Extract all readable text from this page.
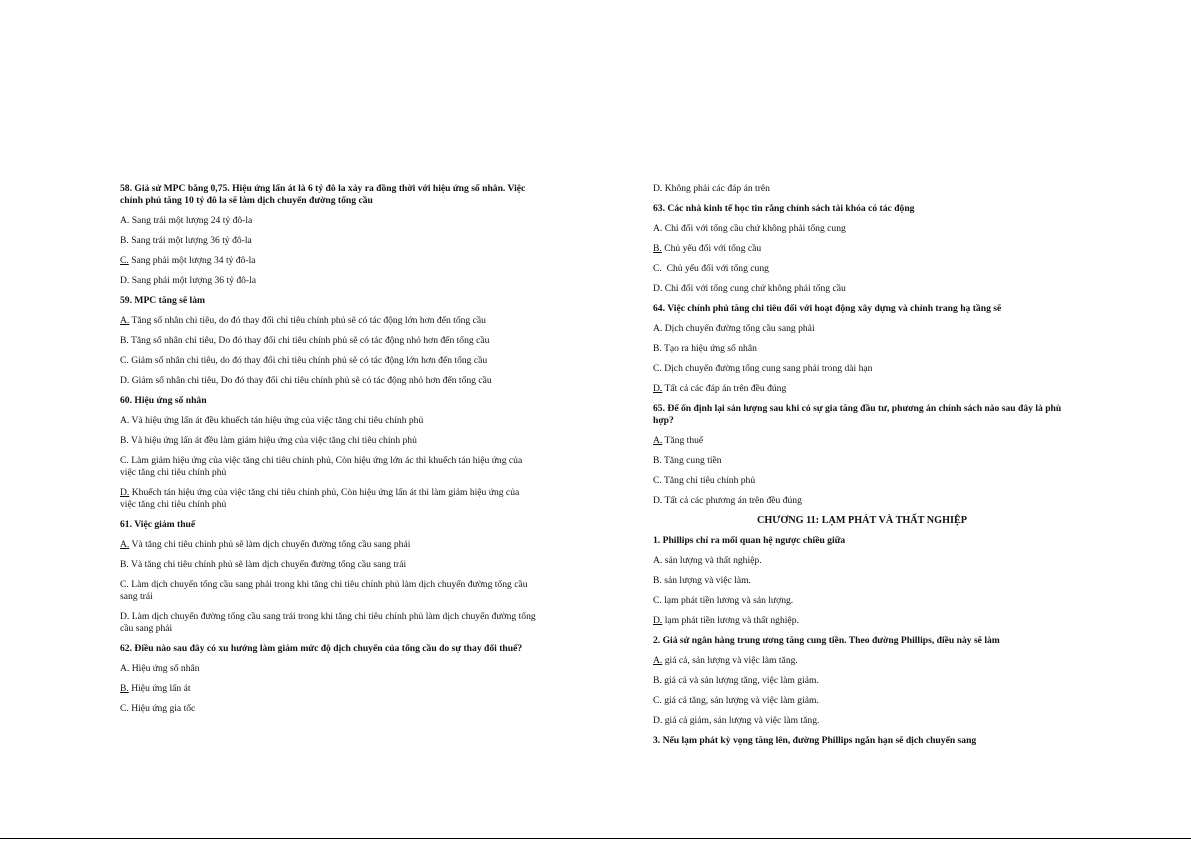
58. Giả sử MPC bằng 0,75. Hiệu ứng lấn át là 6 tỷ đô la xảy ra đồng thời với hiệu ứng số nhân. Việc chính phủ tăng 10 tỷ đô la sẽ làm dịch chuyển đường tổng cầu
A. Sang trái một lượng 24 tỷ đô-la
B. Sang trái một lượng 36 tỷ đô-la
C. Sang phải một lượng 34 tỷ đô-la
D. Sang phải một lượng 36 tỷ đô-la
59. MPC tăng sẽ làm
A. Tăng số nhân chi tiêu, do đó thay đổi chi tiêu chính phủ sẽ có tác động lớn hơn đến tổng cầu
B. Tăng số nhân chi tiêu, Do đó thay đổi chi tiêu chính phủ sẽ có tác động nhỏ hơn đến tổng cầu
C. Giảm số nhân chi tiêu, do đó thay đổi chi tiêu chính phủ sẽ có tác động lớn hơn đến tổng cầu
D. Giảm số nhân chi tiêu, Do đó thay đổi chi tiêu chính phủ sẽ có tác động nhỏ hơn đến tổng cầu
60. Hiệu ứng số nhân
A. Và hiệu ứng lấn át đều khuếch tán hiệu ứng của việc tăng chi tiêu chính phủ
B. Và hiệu ứng lấn át đều làm giảm hiệu ứng của việc tăng chi tiêu chính phủ
C. Làm giảm hiệu ứng của việc tăng chi tiêu chính phủ, Còn hiệu ứng lớn ác thì khuếch tán hiệu ứng của việc tăng chi tiêu chính phủ
D. Khuếch tán hiệu ứng của việc tăng chi tiêu chính phủ, Còn hiệu ứng lấn át thì làm giảm hiệu ứng của việc tăng chi tiêu chính phủ
61. Việc giảm thuế
A. Và tăng chi tiêu chính phủ sẽ làm dịch chuyển đường tổng cầu sang phải
B. Và tăng chi tiêu chính phủ sẽ làm dịch chuyển đường tổng cầu sang trái
C. Làm dịch chuyển tổng cầu sang phải trong khi tăng chi tiêu chính phủ làm dịch chuyển đường tổng cầu sang trái
D. Làm dịch chuyển đường tổng cầu sang trái trong khi tăng chi tiêu chính phủ làm dịch chuyển đường tổng cầu sang phải
62. Điều nào sau đây có xu hướng làm giảm mức độ dịch chuyển của tổng cầu do sự thay đổi thuế?
A. Hiệu ứng số nhân
B. Hiệu ứng lấn át
C. Hiệu ứng gia tốc
D. Không phải các đáp án trên
63. Các nhà kinh tế học tin rằng chính sách tài khóa có tác động
A. Chỉ đối với tổng cầu chứ không phải tổng cung
B. Chủ yếu đối với tổng cầu
C.  Chủ yếu đối với tổng cung
D. Chỉ đối với tổng cung chứ không phải tổng cầu
64. Việc chính phủ tăng chi tiêu đối với hoạt động xây dựng và chỉnh trang hạ tầng sẽ
A. Dịch chuyển đường tổng cầu sang phải
B. Tạo ra hiệu ứng số nhân
C. Dịch chuyển đường tổng cung sang phải trong dài hạn
D. Tất cả các đáp án trên đều đúng
65. Để ổn định lại sản lượng sau khi có sự gia tăng đầu tư, phương án chính sách nào sau đây là phù hợp?
A. Tăng thuế
B. Tăng cung tiền
C. Tăng chi tiêu chính phủ
D. Tất cả các phương án trên đều đúng
CHƯƠNG 11: LẠM PHÁT VÀ THẤT NGHIỆP
1. Phillips chỉ ra mối quan hệ ngược chiều giữa
A. sản lượng và thất nghiệp.
B. sản lượng và việc làm.
C. lạm phát tiền lương và sản lượng.
D. lạm phát tiền lương và thất nghiệp.
2. Giả sử ngân hàng trung ương tăng cung tiền. Theo đường Phillips, điều này sẽ làm
A. giá cả, sản lượng và việc làm tăng.
B. giá cả và sản lượng tăng, việc làm giảm.
C. giá cả tăng, sản lượng và việc làm giảm.
D. giá cả giảm, sản lượng và việc làm tăng.
3. Nếu lạm phát kỳ vọng tăng lên, đường Phillips ngắn hạn sẽ dịch chuyển sang
